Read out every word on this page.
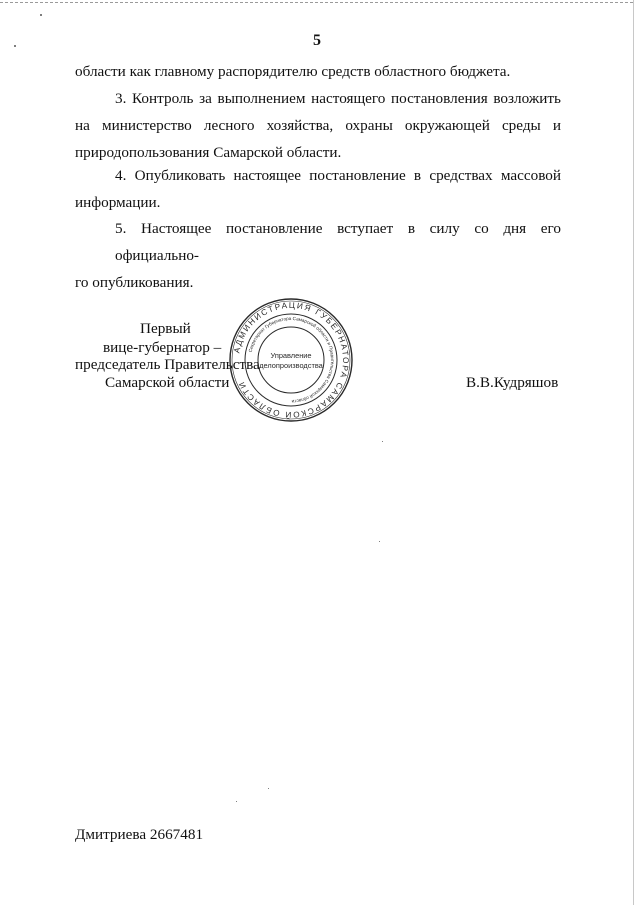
5
области как главному распорядителю средств областного бюджета.
3. Контроль за выполнением настоящего постановления возложить
на министерство лесного хозяйства, охраны окружающей среды и
природопользования Самарской области.
4. Опубликовать настоящее постановление в средствах массовой
информации.
5. Настоящее постановление вступает в силу со дня его официально-
го опубликования.
Первый
вице-губернатор –
председатель Правительства
Самарской области
АДМИНИСТРАЦИЯ ГУБЕРНАТОРА САМАРСКОЙ ОБЛАСТИ
Секретариат Губернатора Самарской области и Правительства Самарской области
Управление
делопроизводства
В.В.Кудряшов
Дмитриева 2667481
